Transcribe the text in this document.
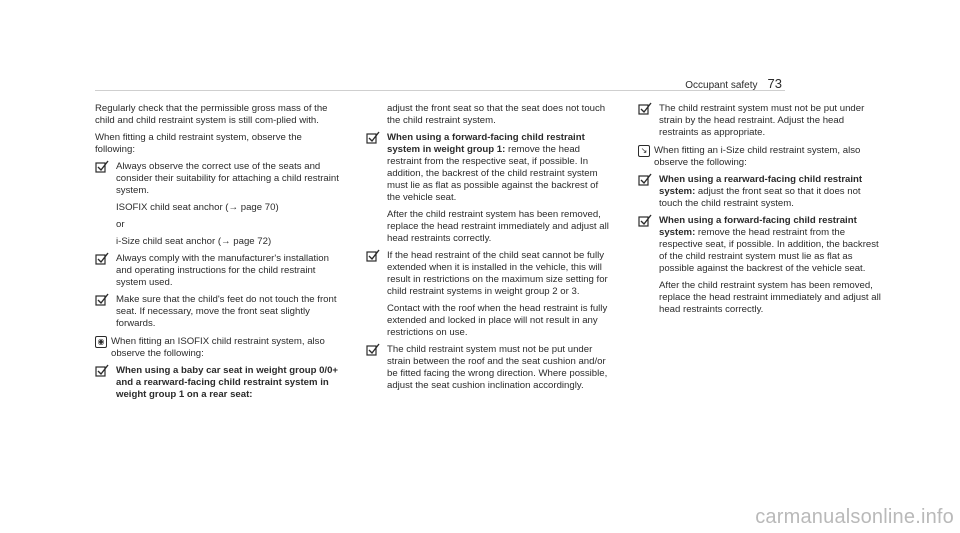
Occupant safety 73

Regularly check that the permissible gross mass of the child and child restraint system is still com-plied with.

When fitting a child restraint system, observe the following:

Always observe the correct use of the seats and consider their suitability for attaching a child restraint system.

ISOFIX child seat anchor (→ page 70)

or

i-Size child seat anchor (→ page 72)

Always comply with the manufacturer's installation and operating instructions for the child restraint system used.
Make sure that the child's feet do not touch the front seat. If necessary, move the front seat slightly forwards.
◉ When fitting an ISOFIX child restraint system, also observe the following:
When using a baby car seat in weight group 0/0+ and a rearward-facing child restraint system in weight group 1 on a rear seat:

adjust the front seat so that the seat does not touch the child restraint system.

When using a forward-facing child restraint system in weight group 1: remove the head restraint from the respective seat, if possible. In addition, the backrest of the child restraint system must lie as flat as possible against the backrest of the vehicle seat.

After the child restraint system has been removed, replace the head restraint immediately and adjust all head restraints correctly.

If the head restraint of the child seat cannot be fully extended when it is installed in the vehicle, this will result in restrictions on the maximum size setting for child restraint systems in weight group 2 or 3.

Contact with the roof when the head restraint is fully extended and locked in place will not result in any restrictions on use.

The child restraint system must not be put under strain between the roof and the seat cushion and/or be fitted facing the wrong direction. Where possible, adjust the seat cushion inclination accordingly.
The child restraint system must not be put under strain by the head restraint. Adjust the head restraints as appropriate.
↘ When fitting an i-Size child restraint system, also observe the following:
When using a rearward-facing child restraint system: adjust the front seat so that it does not touch the child restraint system.
When using a forward-facing child restraint system: remove the head restraint from the respective seat, if possible. In addition, the backrest of the child restraint system must lie as flat as possible against the backrest of the vehicle seat.

After the child restraint system has been removed, replace the head restraint immediately and adjust all head restraints correctly.

carmanualsonline.info
